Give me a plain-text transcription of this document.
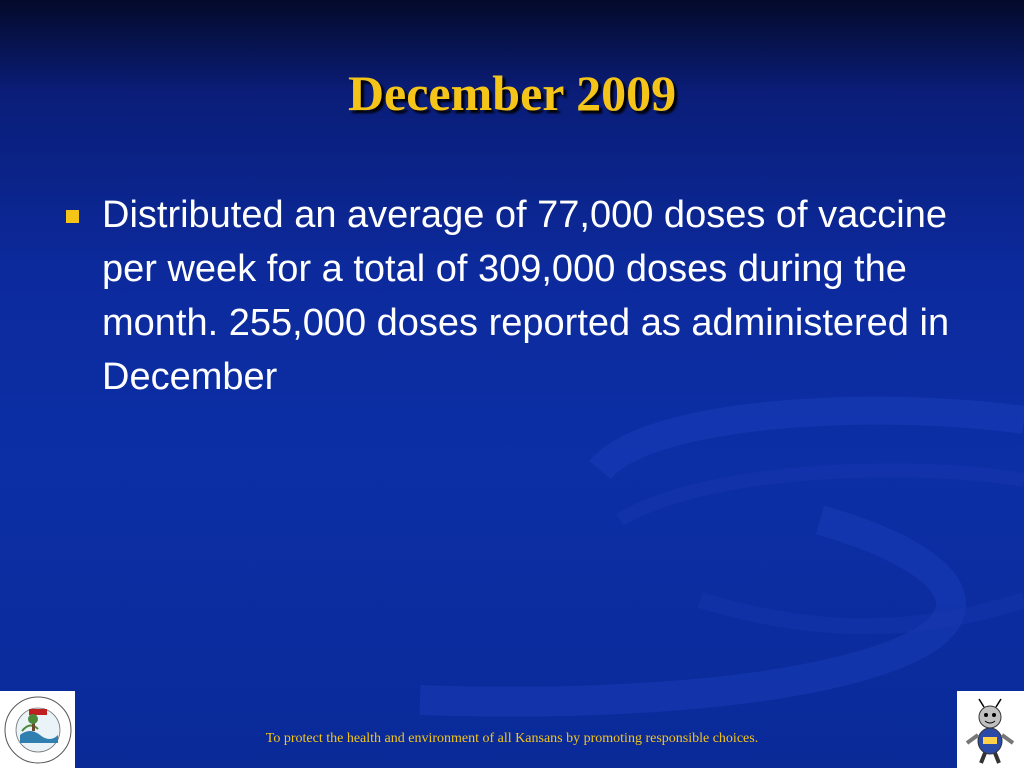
December 2009
Distributed an average of 77,000 doses of vaccine per week for a total of 309,000 doses during the month. 255,000 doses reported as administered in December
To protect the health and environment of all Kansans by promoting responsible choices.
